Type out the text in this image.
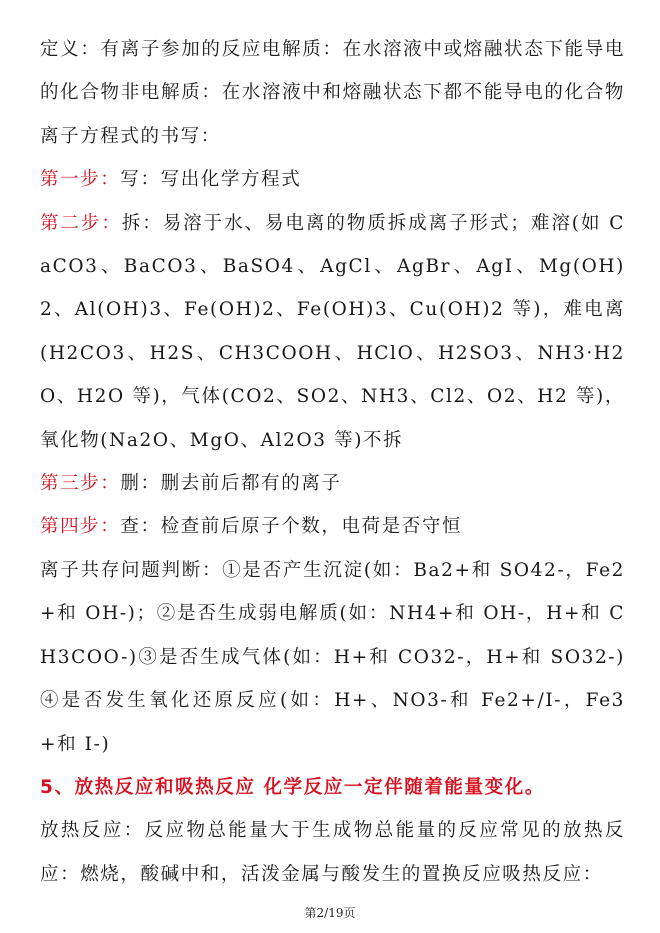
定义：有离子参加的反应电解质：在水溶液中或熔融状态下能导电的化合物非电解质：在水溶液中和熔融状态下都不能导电的化合物离子方程式的书写：

第一步：写：写出化学方程式

第二步：拆：易溶于水、易电离的物质拆成离子形式；难溶(如 CaCO3、BaCO3、BaSO4、AgCl、AgBr、AgI、Mg(OH)2、Al(OH)3、Fe(OH)2、Fe(OH)3、Cu(OH)2 等)，难电离(H2CO3、H2S、CH3COOH、HClO、H2SO3、NH3·H2O、H2O 等)，气体(CO2、SO2、NH3、Cl2、O2、H2 等)，氧化物(Na2O、MgO、Al2O3 等)不拆

第三步：删：删去前后都有的离子

第四步：查：检查前后原子个数，电荷是否守恒

离子共存问题判断：①是否产生沉淀(如：Ba2+和 SO42-，Fe2+和 OH-)；②是否生成弱电解质(如：NH4+和 OH-，H+和 CH3COO-)③是否生成气体(如：H+和 CO32-，H+和 SO32-)④是否发生氧化还原反应(如：H+、NO3-和 Fe2+/I-，Fe3+和 I-)

5、放热反应和吸热反应 化学反应一定伴随着能量变化。

放热反应：反应物总能量大于生成物总能量的反应常见的放热反应：燃烧，酸碱中和，活泼金属与酸发生的置换反应吸热反应：

第2/19页
